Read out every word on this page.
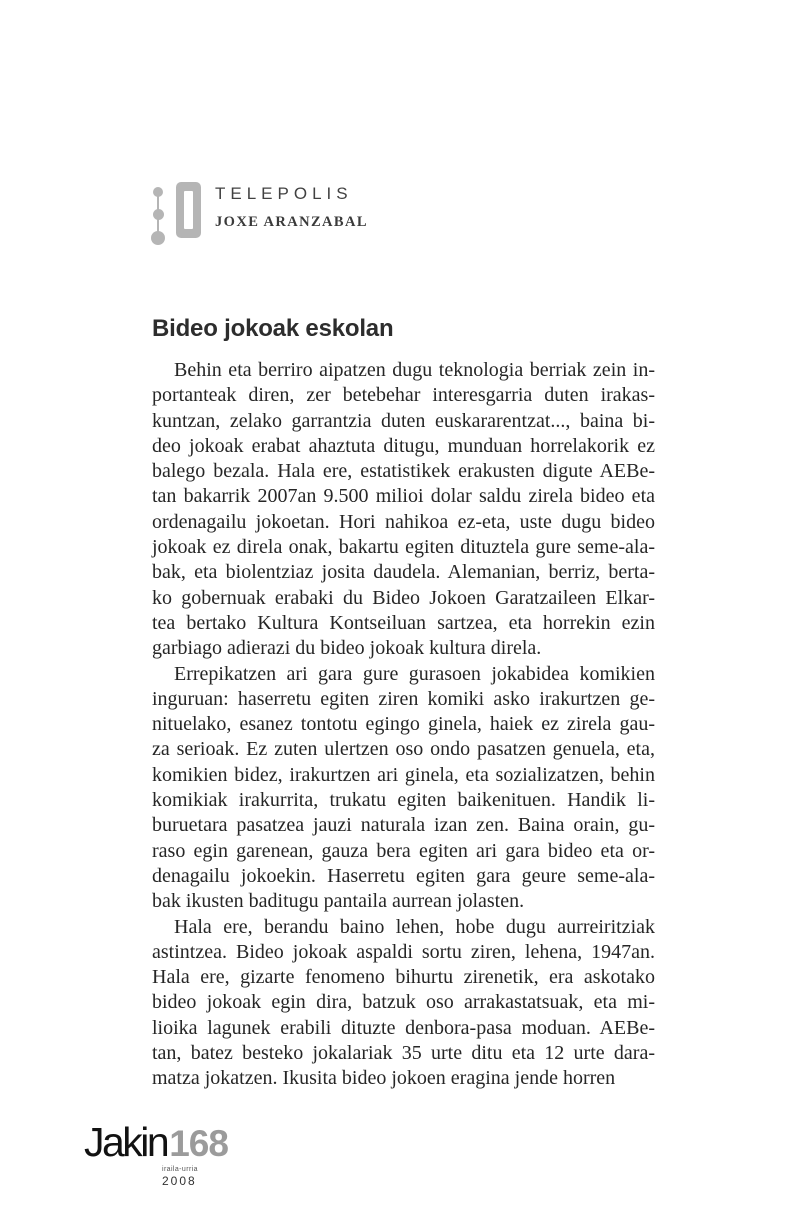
TELEPOLIS
JOXE ARANZABAL
Bideo jokoak eskolan
Behin eta berriro aipatzen dugu teknologia berriak zein in-
portanteak diren, zer betebehar interesgarria duten irakas-
kuntzan, zelako garrantzia duten euskararentzat..., baina bi-
deo jokoak erabat ahaztuta ditugu, munduan horrelakorik ez
balego bezala. Hala ere, estatistikek erakusten digute AEBe-
tan bakarrik 2007an 9.500 milioi dolar saldu zirela bideo eta
ordenagailu jokoetan. Hori nahikoa ez-eta, uste dugu bideo
jokoak ez direla onak, bakartu egiten dituztela gure seme-ala-
bak, eta biolentziaz josita daudela. Alemanian, berriz, berta-
ko gobernuak erabaki du Bideo Jokoen Garatzaileen Elkar-
tea bertako Kultura Kontseiluan sartzea, eta horrekin ezin
garbiago adierazi du bideo jokoak kultura direla.
Errepikatzen ari gara gure gurasoen jokabidea komikien
inguruan: haserretu egiten ziren komiki asko irakurtzen ge-
nituelako, esanez tontotu egingo ginela, haiek ez zirela gau-
za serioak. Ez zuten ulertzen oso ondo pasatzen genuela, eta,
komikien bidez, irakurtzen ari ginela, eta sozializatzen, behin
komikiak irakurrita, trukatu egiten baikenituen. Handik li-
buruetara pasatzea jauzi naturala izan zen. Baina orain, gu-
raso egin garenean, gauza bera egiten ari gara bideo eta or-
denagailu jokoekin. Haserretu egiten gara geure seme-ala-
bak ikusten baditugu pantaila aurrean jolasten.
Hala ere, berandu baino lehen, hobe dugu aurreiritziak
astintzea. Bideo jokoak aspaldi sortu ziren, lehena, 1947an.
Hala ere, gizarte fenomeno bihurtu zirenetik, era askotako
bideo jokoak egin dira, batzuk oso arrakastatsuak, eta mi-
lioika lagunek erabili dituzte denbora-pasa moduan. AEBe-
tan, batez besteko jokalariak 35 urte ditu eta 12 urte dara-
matza jokatzen. Ikusita bideo jokoen eragina jende horren
Jakin 168
iraila-urria
2008
